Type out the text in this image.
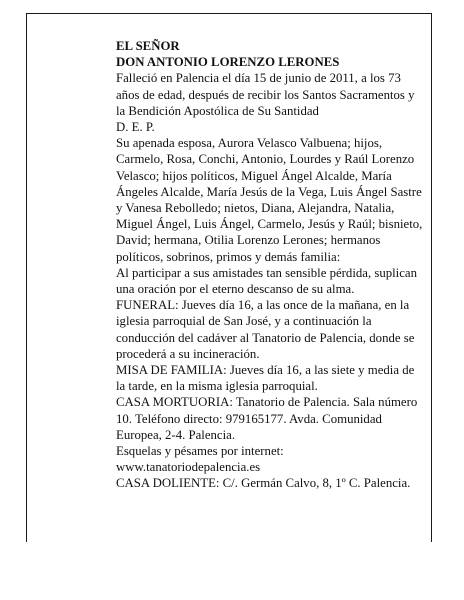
EL SEÑOR

DON ANTONIO LORENZO LERONES

Falleció en Palencia el día 15 de junio de 2011, a los 73 años de edad, después de recibir los Santos Sacramentos y la Bendición Apostólica de Su Santidad

D. E. P.

Su apenada esposa, Aurora Velasco Valbuena; hijos, Carmelo, Rosa, Conchi, Antonio, Lourdes y Raúl Lorenzo Velasco; hijos políticos, Miguel Ángel Alcalde, María Ángeles Alcalde, María Jesús de la Vega, Luis Ángel Sastre y Vanesa Rebolledo; nietos, Diana, Alejandra, Natalia, Miguel Ángel, Luis Ángel, Carmelo, Jesús y Raúl; bisnieto, David; hermana, Otilia Lorenzo Lerones; hermanos políticos, sobrinos, primos y demás familia:

Al participar a sus amistades tan sensible pérdida, suplican una oración por el eterno descanso de su alma.

FUNERAL: Jueves día 16, a las once de la mañana, en la iglesia parroquial de San José, y a continuación la conducción del cadáver al Tanatorio de Palencia, donde se procederá a su incineración.

MISA DE FAMILIA: Jueves día 16, a las siete y media de la tarde, en la misma iglesia parroquial.

CASA MORTUORIA: Tanatorio de Palencia. Sala número 10. Teléfono directo: 979165177. Avda. Comunidad Europea, 2-4. Palencia.

Esquelas y pésames por internet:

www.tanatoriodepalencia.es

CASA DOLIENTE: C/. Germán Calvo, 8, 1º C. Palencia.
